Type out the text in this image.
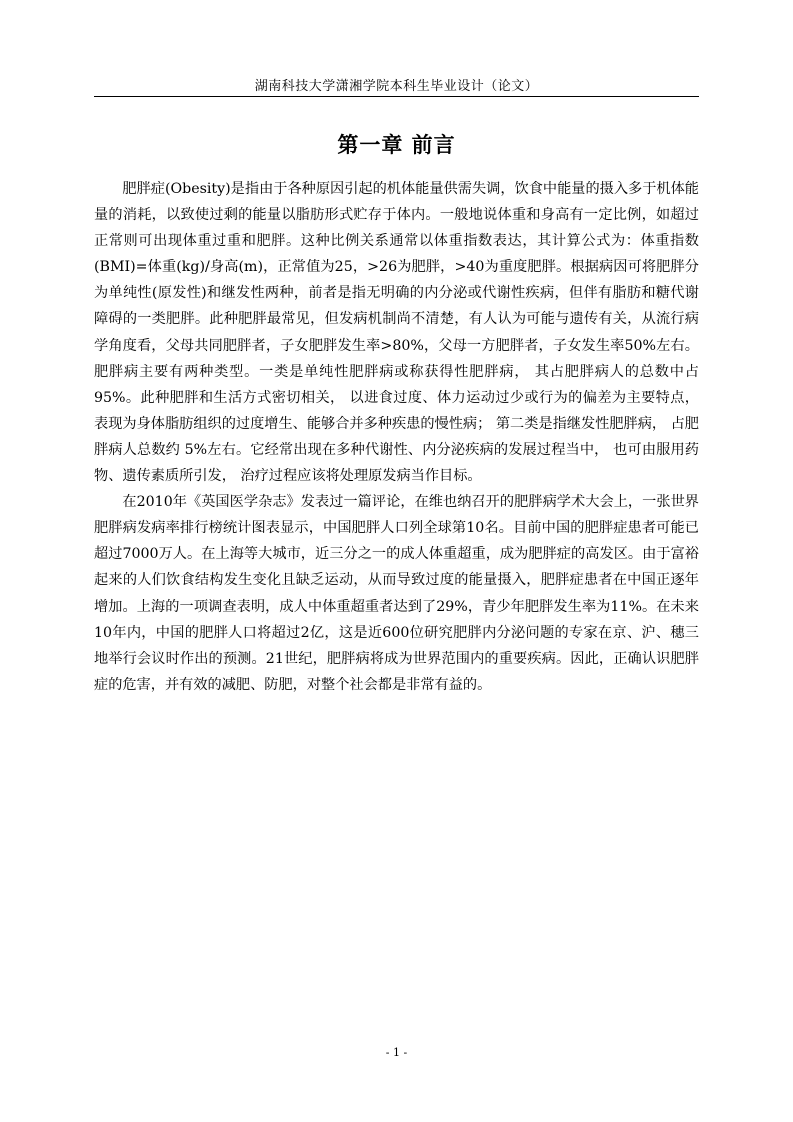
湖南科技大学潇湘学院本科生毕业设计（论文）
第一章 前言

肥胖症(Obesity)是指由于各种原因引起的机体能量供需失调，饮食中能量的摄入多于机体能量的消耗，以致使过剩的能量以脂肪形式贮存于体内。一般地说体重和身高有一定比例，如超过正常则可出现体重过重和肥胖。这种比例关系通常以体重指数表达，其计算公式为：体重指数(BMI)=体重(kg)/身高(m)，正常值为25，>26为肥胖，>40为重度肥胖。根据病因可将肥胖分为单纯性(原发性)和继发性两种，前者是指无明确的内分泌或代谢性疾病，但伴有脂肪和糖代谢障碍的一类肥胖。此种肥胖最常见，但发病机制尚不清楚，有人认为可能与遗传有关，从流行病学角度看，父母共同肥胖者，子女肥胖发生率>80%，父母一方肥胖者，子女发生率50%左右。肥胖病主要有两种类型。一类是单纯性肥胖病或称获得性肥胖病， 其占肥胖病人的总数中占 95%。此种肥胖和生活方式密切相关， 以进食过度、体力运动过少或行为的偏差为主要特点， 表现为身体脂肪组织的过度增生、能够合并多种疾患的慢性病； 第二类是指继发性肥胖病， 占肥胖病人总数约 5%左右。它经常出现在多种代谢性、内分泌疾病的发展过程当中， 也可由服用药物、遗传素质所引发， 治疗过程应该将处理原发病当作目标。

在2010年《英国医学杂志》发表过一篇评论，在维也纳召开的肥胖病学术大会上，一张世界肥胖病发病率排行榜统计图表显示，中国肥胖人口列全球第10名。目前中国的肥胖症患者可能已超过7000万人。在上海等大城市，近三分之一的成人体重超重，成为肥胖症的高发区。由于富裕起来的人们饮食结构发生变化且缺乏运动，从而导致过度的能量摄入，肥胖症患者在中国正逐年增加。上海的一项调查表明，成人中体重超重者达到了29%，青少年肥胖发生率为11%。在未来10年内，中国的肥胖人口将超过2亿，这是近600位研究肥胖内分泌问题的专家在京、沪、穗三地举行会议时作出的预测。21世纪，肥胖病将成为世界范围内的重要疾病。因此，正确认识肥胖症的危害，并有效的减肥、防肥，对整个社会都是非常有益的。

- 1 -
